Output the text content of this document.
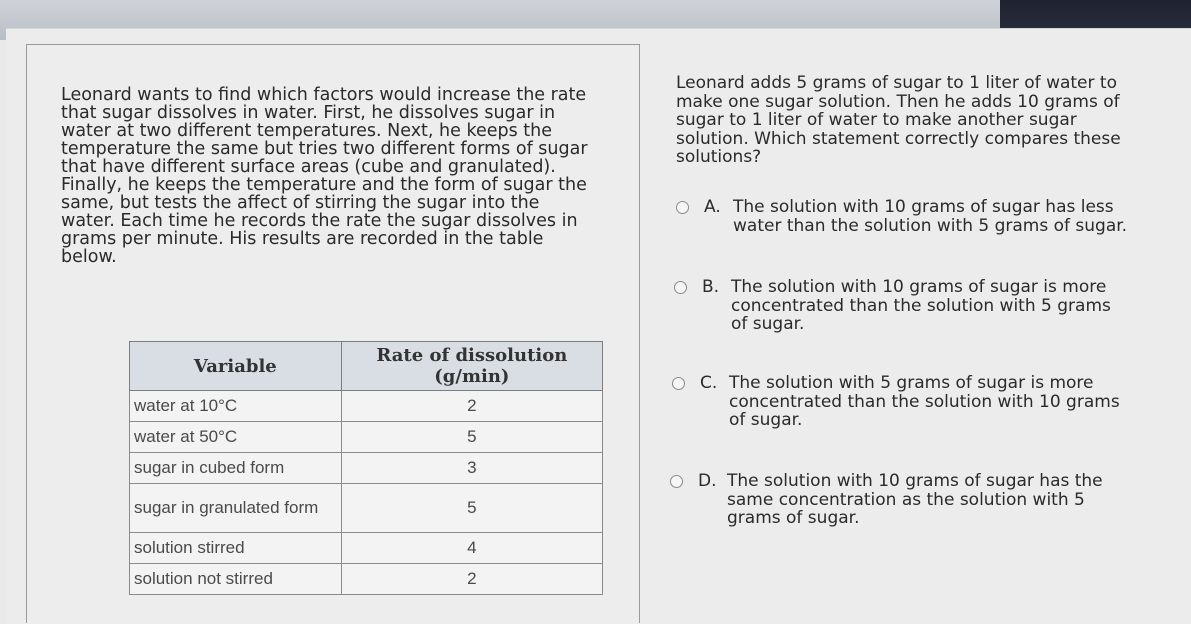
Leonard wants to find which factors would increase the rate
that sugar dissolves in water. First, he dissolves sugar in
water at two different temperatures. Next, he keeps the
temperature the same but tries two different forms of sugar
that have different surface areas (cube and granulated).
Finally, he keeps the temperature and the form of sugar the
same, but tests the affect of stirring the sugar into the
water. Each time he records the rate the sugar dissolves in
grams per minute. His results are recorded in the table
below.

Variable	Rate of dissolution (g/min)
water at 10°C	2
water at 50°C	5
sugar in cubed form	3
sugar in granulated form	5
solution stirred	4
solution not stirred	2

Leonard adds 5 grams of sugar to 1 liter of water to make one sugar solution. Then he adds 10 grams of sugar to 1 liter of water to make another sugar solution. Which statement correctly compares these solutions?

A. The solution with 10 grams of sugar has less water than the solution with 5 grams of sugar.
B. The solution with 10 grams of sugar is more concentrated than the solution with 5 grams of sugar.
C. The solution with 5 grams of sugar is more concentrated than the solution with 10 grams of sugar.
D. The solution with 10 grams of sugar has the same concentration as the solution with 5 grams of sugar.
